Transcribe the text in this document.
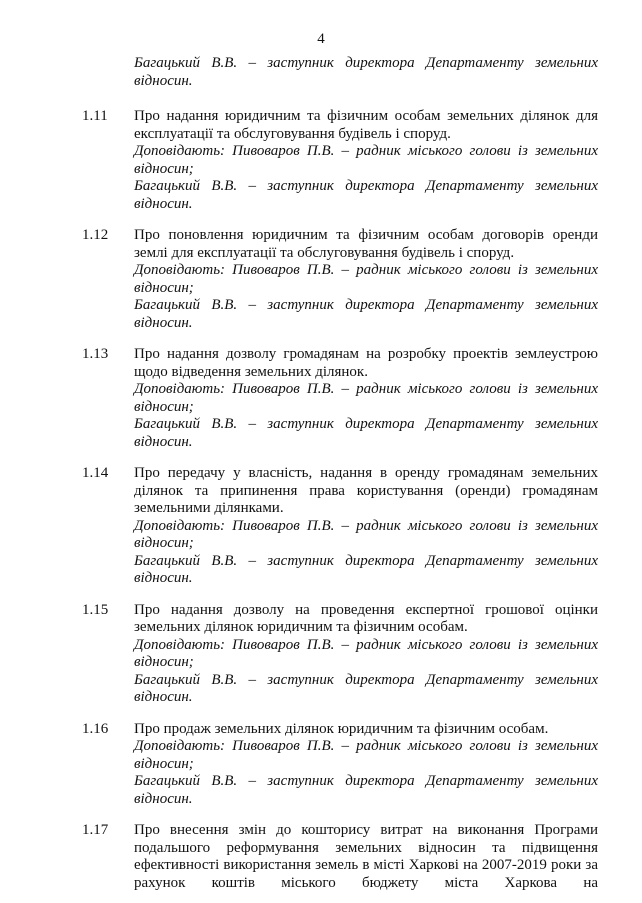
4
Багацький В.В. – заступник директора Департаменту земельних відносин.
1.11	Про надання юридичним та фізичним особам земельних ділянок для експлуатації та обслуговування будівель і споруд.
Доповідають: Пивоваров П.В. – радник міського голови із земельних відносин;
Багацький В.В. – заступник директора Департаменту земельних відносин.
1.12	Про поновлення юридичним та фізичним особам договорів оренди землі для експлуатації та обслуговування будівель і споруд.
Доповідають: Пивоваров П.В. – радник міського голови із земельних відносин;
Багацький В.В. – заступник директора Департаменту земельних відносин.
1.13	Про надання дозволу громадянам на розробку проектів землеустрою щодо відведення земельних ділянок.
Доповідають: Пивоваров П.В. – радник міського голови із земельних відносин;
Багацький В.В. – заступник директора Департаменту земельних відносин.
1.14	Про передачу у власність, надання в оренду громадянам земельних ділянок та припинення права користування (оренди) громадянам земельними ділянками.
Доповідають: Пивоваров П.В. – радник міського голови із земельних відносин;
Багацький В.В. – заступник директора Департаменту земельних відносин.
1.15	Про надання дозволу на проведення експертної грошової оцінки земельних ділянок юридичним та фізичним особам.
Доповідають: Пивоваров П.В. – радник міського голови із земельних відносин;
Багацький В.В. – заступник директора Департаменту земельних відносин.
1.16	Про продаж земельних ділянок юридичним та фізичним особам.
Доповідають: Пивоваров П.В. – радник міського голови із земельних відносин;
Багацький В.В. – заступник директора Департаменту земельних відносин.
1.17	Про внесення змін до кошторису витрат на виконання Програми подальшого реформування земельних відносин та підвищення ефективності використання земель в місті Харкові на 2007-2019 роки за рахунок коштів міського бюджету міста Харкова на
